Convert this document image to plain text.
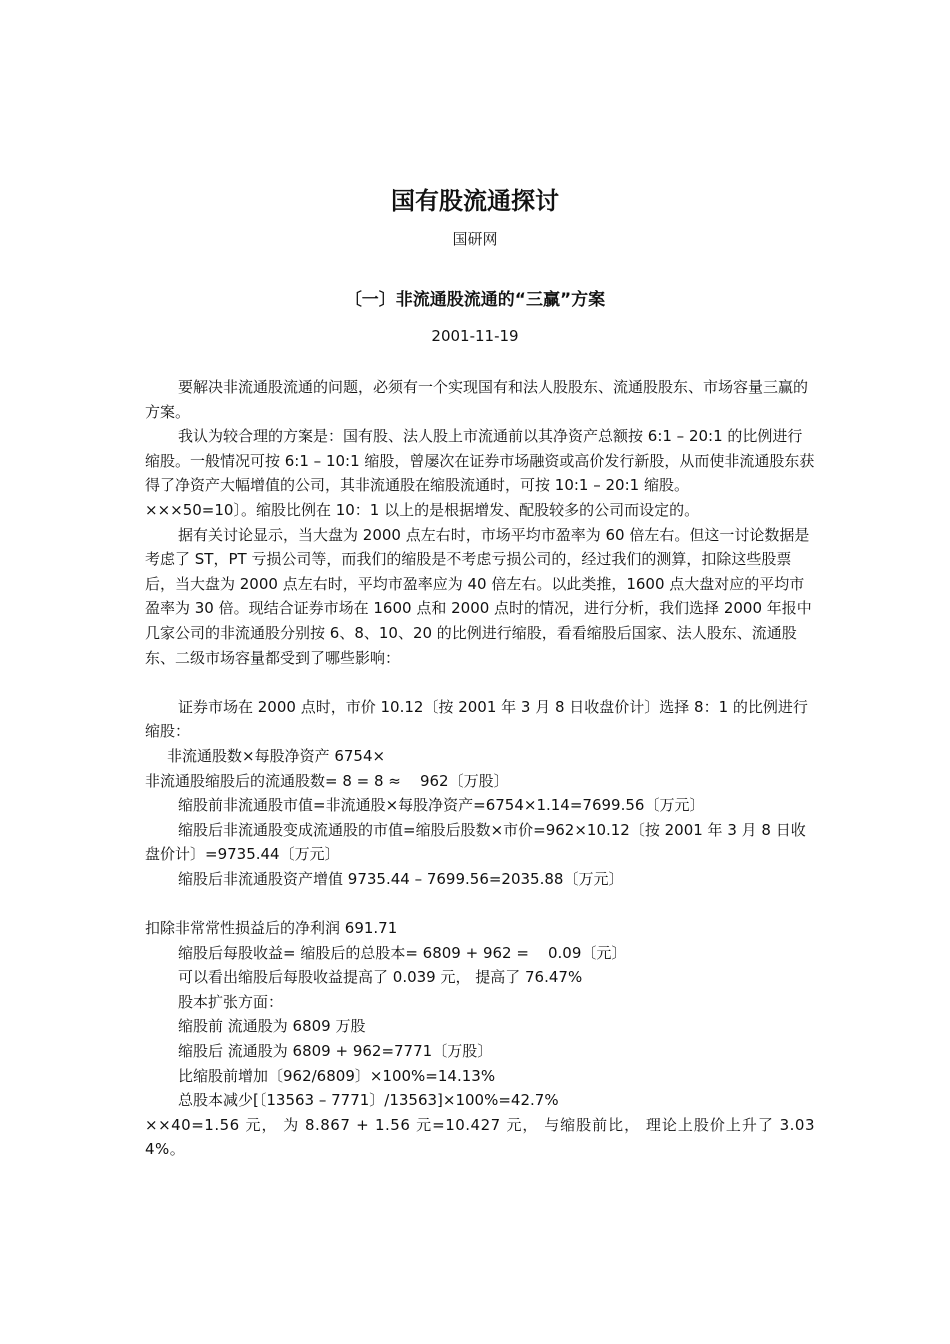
国有股流通探讨
国研网
〔一〕非流通股流通的“三赢”方案
2001-11-19

要解决非流通股流通的问题，必须有一个实现国有和法人股股东、流通股股东、市场容量三赢的方案。

我认为较合理的方案是：国有股、法人股上市流通前以其净资产总额按 6:1 – 20:1 的比例进行缩股。一般情况可按 6:1 – 10:1 缩股，曾屡次在证券市场融资或高价发行新股，从而使非流通股东获得了净资产大幅增值的公司，其非流通股在缩股流通时，可按 10:1 – 20:1 缩股。

×××50=10〕。缩股比例在 10：1 以上的是根据增发、配股较多的公司而设定的。

据有关讨论显示，当大盘为 2000 点左右时，市场平均市盈率为 60 倍左右。但这一讨论数据是考虑了 ST，PT 亏损公司等，而我们的缩股是不考虑亏损公司的，经过我们的测算，扣除这些股票后，当大盘为 2000 点左右时，平均市盈率应为 40 倍左右。以此类推，1600 点大盘对应的平均市盈率为 30 倍。现结合证券市场在 1600 点和 2000 点时的情况，进行分析，我们选择 2000 年报中几家公司的非流通股分别按 6、8、10、20 的比例进行缩股，看看缩股后国家、法人股东、流通股东、二级市场容量都受到了哪些影响：

证券市场在 2000 点时，市价 10.12〔按 2001 年 3 月 8 日收盘价计〕选择 8：1 的比例进行缩股：

非流通股数×每股净资产 6754×

非流通股缩股后的流通股数= 8 = 8 ≈    962〔万股〕

缩股前非流通股市值=非流通股×每股净资产=6754×1.14=7699.56〔万元〕

缩股后非流通股变成流通股的市值=缩股后股数×市价=962×10.12〔按 2001 年 3 月 8 日收盘价计〕=9735.44〔万元〕

缩股后非流通股资产增值 9735.44 – 7699.56=2035.88〔万元〕

扣除非常常性损益后的净利润 691.71

缩股后每股收益= 缩股后的总股本= 6809 + 962 =    0.09〔元〕

可以看出缩股后每股收益提高了 0.039 元， 提高了 76.47%

股本扩张方面：

缩股前 流通股为 6809 万股

缩股后 流通股为 6809 + 962=7771〔万股〕

比缩股前增加〔962/6809〕×100%=14.13%

总股本减少[〔13563 – 7771〕/13563]×100%=42.7%

××40=1.56 元， 为 8.867 + 1.56 元=10.427 元， 与缩股前比， 理论上股价上升了 3.034%。
